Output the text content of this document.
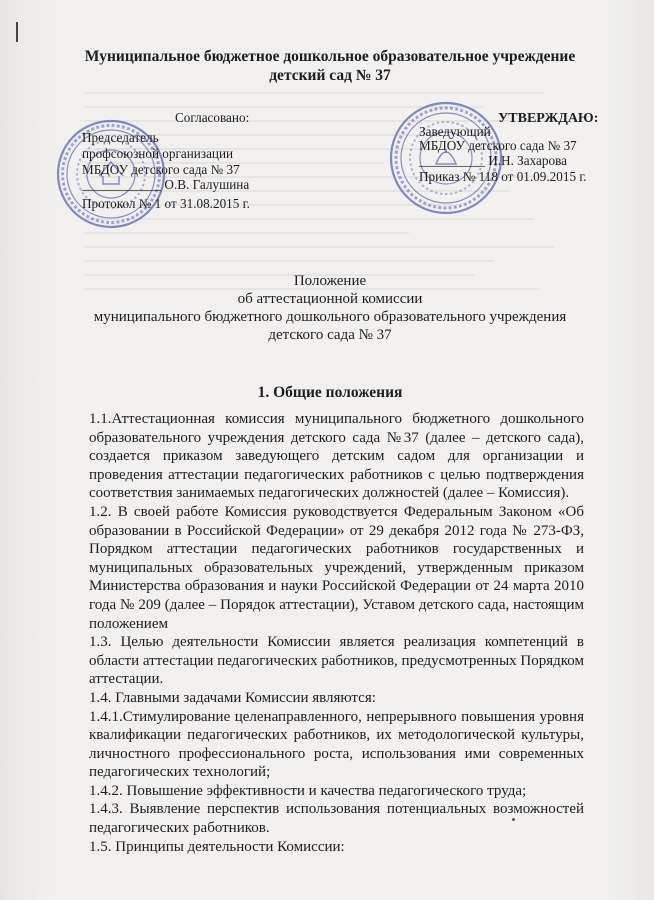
Муниципальное бюджетное дошкольное образовательное учреждение
детский сад № 37
Согласовано:
Председатель
профсоюзной организации
МБДОУ детского сада № 37
____________ О.В. Галушина
Протокол № 1 от 31.08.2015 г.
УТВЕРЖДАЮ:
Заведующий
МБДОУ детского сада № 37
__________ И.Н. Захарова
Приказ № 118 от 01.09.2015 г.
Положение
об аттестационной комиссии
муниципального бюджетного дошкольного образовательного учреждения
детского сада № 37
1. Общие положения

1.1.Аттестационная комиссия муниципального бюджетного дошкольного образовательного учреждения детского сада №37 (далее – детского сада), создается приказом заведующего детским садом для организации и проведения аттестации педагогических работников с целью подтверждения соответствия занимаемых педагогических должностей (далее – Комиссия).

1.2. В своей работе Комиссия руководствуется Федеральным Законом «Об образовании в Российской Федерации» от 29 декабря 2012 года № 273-ФЗ, Порядком аттестации педагогических работников государственных и муниципальных образовательных учреждений, утвержденным приказом Министерства образования и науки Российской Федерации от 24 марта 2010 года № 209 (далее – Порядок аттестации), Уставом детского сада, настоящим положением

1.3. Целью деятельности Комиссии является реализация компетенций в области аттестации педагогических работников, предусмотренных Порядком аттестации.

1.4. Главными задачами Комиссии являются:

1.4.1.Стимулирование целенаправленного, непрерывного повышения уровня квалификации педагогических работников, их методологической культуры, личностного профессионального роста, использования ими современных педагогических технологий;

1.4.2. Повышение эффективности и качества педагогического труда;

1.4.3. Выявление перспектив использования потенциальных возможностей педагогических работников.

1.5. Принципы деятельности Комиссии:
